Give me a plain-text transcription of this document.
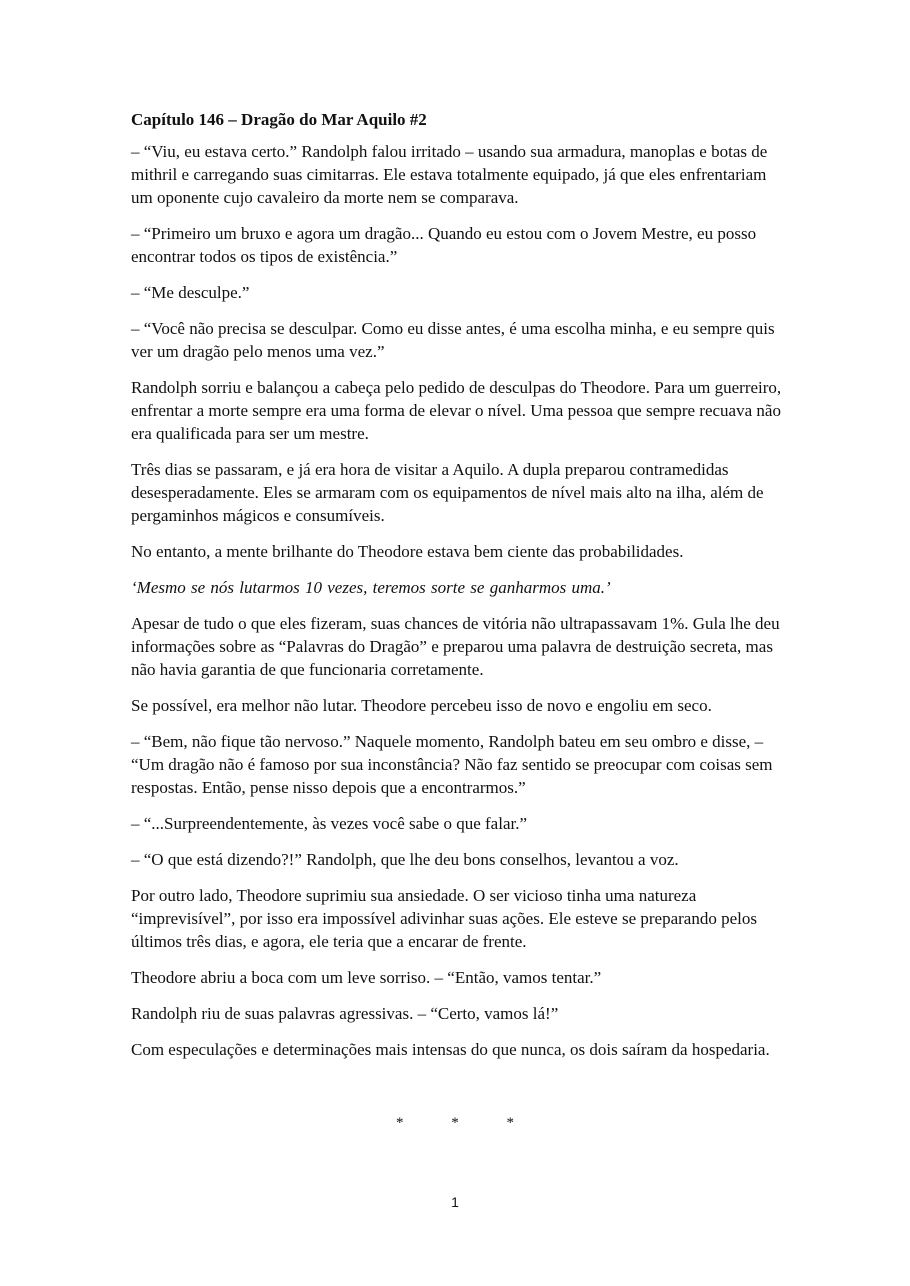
Capítulo 146 – Dragão do Mar Aquilo #2

– “Viu, eu estava certo.” Randolph falou irritado – usando sua armadura, manoplas e botas de mithril e carregando suas cimitarras. Ele estava totalmente equipado, já que eles enfrentariam um oponente cujo cavaleiro da morte nem se comparava.

– “Primeiro um bruxo e agora um dragão... Quando eu estou com o Jovem Mestre, eu posso encontrar todos os tipos de existência.”

– “Me desculpe.”

– “Você não precisa se desculpar. Como eu disse antes, é uma escolha minha, e eu sempre quis ver um dragão pelo menos uma vez.”

Randolph sorriu e balançou a cabeça pelo pedido de desculpas do Theodore. Para um guerreiro, enfrentar a morte sempre era uma forma de elevar o nível. Uma pessoa que sempre recuava não era qualificada para ser um mestre.

Três dias se passaram, e já era hora de visitar a Aquilo. A dupla preparou contramedidas desesperadamente. Eles se armaram com os equipamentos de nível mais alto na ilha, além de pergaminhos mágicos e consumíveis.

No entanto, a mente brilhante do Theodore estava bem ciente das probabilidades.

‘Mesmo se nós lutarmos 10 vezes, teremos sorte se ganharmos uma.’

Apesar de tudo o que eles fizeram, suas chances de vitória não ultrapassavam 1%. Gula lhe deu informações sobre as “Palavras do Dragão” e preparou uma palavra de destruição secreta, mas não havia garantia de que funcionaria corretamente.

Se possível, era melhor não lutar. Theodore percebeu isso de novo e engoliu em seco.

– “Bem, não fique tão nervoso.” Naquele momento, Randolph bateu em seu ombro e disse, – “Um dragão não é famoso por sua inconstância? Não faz sentido se preocupar com coisas sem respostas. Então, pense nisso depois que a encontrarmos.”

– “...Surpreendentemente, às vezes você sabe o que falar.”

– “O que está dizendo?!” Randolph, que lhe deu bons conselhos, levantou a voz.

Por outro lado, Theodore suprimiu sua ansiedade. O ser vicioso tinha uma natureza “imprevisível”, por isso era impossível adivinhar suas ações. Ele esteve se preparando pelos últimos três dias, e agora, ele teria que a encarar de frente.

Theodore abriu a boca com um leve sorriso. – “Então, vamos tentar.”

Randolph riu de suas palavras agressivas. – “Certo, vamos lá!”

Com especulações e determinações mais intensas do que nunca, os dois saíram da hospedaria.

* * *
1
